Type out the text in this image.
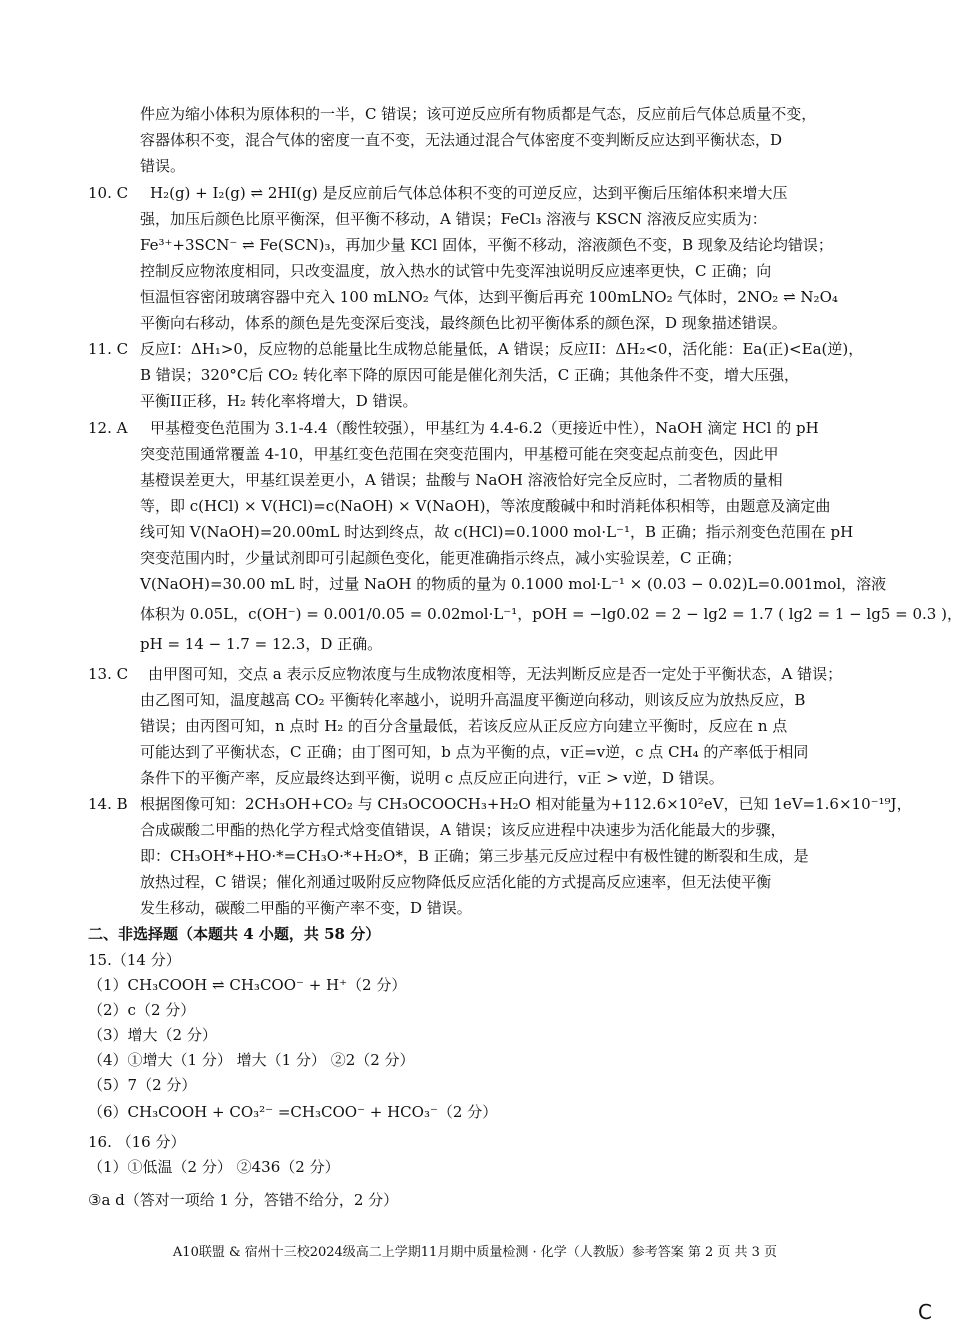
件应为缩小体积为原体积的一半，C 错误；该可逆反应所有物质都是气态，反应前后气体总质量不变，
容器体积不变，混合气体的密度一直不变，无法通过混合气体密度不变判断反应达到平衡状态，D
错误。
10. C H₂(g) + I₂(g) ⇌ 2HI(g) 是反应前后气体总体积不变的可逆反应，达到平衡后压缩体积来增大压
强，加压后颜色比原平衡深，但平衡不移动，A 错误；FeCl₃ 溶液与 KSCN 溶液反应实质为：
Fe³⁺+3SCN⁻ ⇌ Fe(SCN)₃，再加少量 KCl 固体，平衡不移动，溶液颜色不变，B 现象及结论均错误；
控制反应物浓度相同，只改变温度，放入热水的试管中先变浑浊说明反应速率更快，C 正确；向
恒温恒容密闭玻璃容器中充入 100 mLNO₂ 气体，达到平衡后再充 100mLNO₂ 气体时，2NO₂ ⇌ N₂O₄
平衡向右移动，体系的颜色是先变深后变浅，最终颜色比初平衡体系的颜色深，D 现象描述错误。
11. C 反应I：ΔH₁>0，反应物的总能量比生成物总能量低，A 错误；反应II：ΔH₂<0，活化能：Ea(正)<Ea(逆)，
B 错误；320°C后 CO₂ 转化率下降的原因可能是催化剂失活，C 正确；其他条件不变，增大压强，
平衡II正移，H₂ 转化率将增大，D 错误。
12. A 甲基橙变色范围为 3.1-4.4（酸性较强），甲基红为 4.4-6.2（更接近中性），NaOH 滴定 HCl 的 pH
突变范围通常覆盖 4-10，甲基红变色范围在突变范围内，甲基橙可能在突变起点前变色，因此甲
基橙误差更大，甲基红误差更小，A 错误；盐酸与 NaOH 溶液恰好完全反应时，二者物质的量相
等，即 c(HCl) × V(HCl)=c(NaOH) × V(NaOH)，等浓度酸碱中和时消耗体积相等，由题意及滴定曲
线可知 V(NaOH)=20.00mL 时达到终点，故 c(HCl)=0.1000 mol·L⁻¹，B 正确；指示剂变色范围在 pH
突变范围内时，少量试剂即可引起颜色变化，能更准确指示终点，减小实验误差，C 正确；
V(NaOH)=30.00 mL 时，过量 NaOH 的物质的量为 0.1000 mol·L⁻¹ × (0.03 − 0.02)L=0.001mol，溶液
体积为 0.05L，c(OH⁻) = 0.001/0.05 = 0.02mol·L⁻¹，pOH = −lg0.02 = 2 − lg2 = 1.7 ( lg2 = 1 − lg5 = 0.3 )，
pH = 14 − 1.7 = 12.3，D 正确。
13. C 由甲图可知，交点 a 表示反应物浓度与生成物浓度相等，无法判断反应是否一定处于平衡状态，A 错误；
由乙图可知，温度越高 CO₂ 平衡转化率越小，说明升高温度平衡逆向移动，则该反应为放热反应，B
错误；由丙图可知，n 点时 H₂ 的百分含量最低，若该反应从正反应方向建立平衡时，反应在 n 点
可能达到了平衡状态，C 正确；由丁图可知，b 点为平衡的点，v正=v逆，c 点 CH₄ 的产率低于相同
条件下的平衡产率，反应最终达到平衡，说明 c 点反应正向进行，v正 > v逆，D 错误。
14. B 根据图像可知：2CH₃OH+CO₂ 与 CH₃OCOOCH₃+H₂O 相对能量为+112.6×10²eV，已知 1eV=1.6×10⁻¹⁹J，
合成碳酸二甲酯的热化学方程式焓变值错误，A 错误；该反应进程中决速步为活化能最大的步骤，
即：CH₃OH*+HO·*=CH₃O·*+H₂O*，B 正确；第三步基元反应过程中有极性键的断裂和生成，是
放热过程，C 错误；催化剂通过吸附反应物降低反应活化能的方式提高反应速率，但无法使平衡
发生移动，碳酸二甲酯的平衡产率不变，D 错误。
二、非选择题（本题共 4 小题，共 58 分）
15.（14 分）
（1）CH₃COOH ⇌ CH₃COO⁻ + H⁺（2 分）
（2）c（2 分）
（3）增大（2 分）
（4）①增大（1 分） 增大（1 分） ②2（2 分）
（5）7（2 分）
（6）CH₃COOH + CO₃²⁻ =CH₃COO⁻ + HCO₃⁻（2 分）
16. （16 分）
（1）①低温（2 分） ②436（2 分）
③a d（答对一项给 1 分，答错不给分，2 分）
A10联盟 & 宿州十三校2024级高二上学期11月期中质量检测 · 化学（人教版）参考答案 第 2 页 共 3 页
C
